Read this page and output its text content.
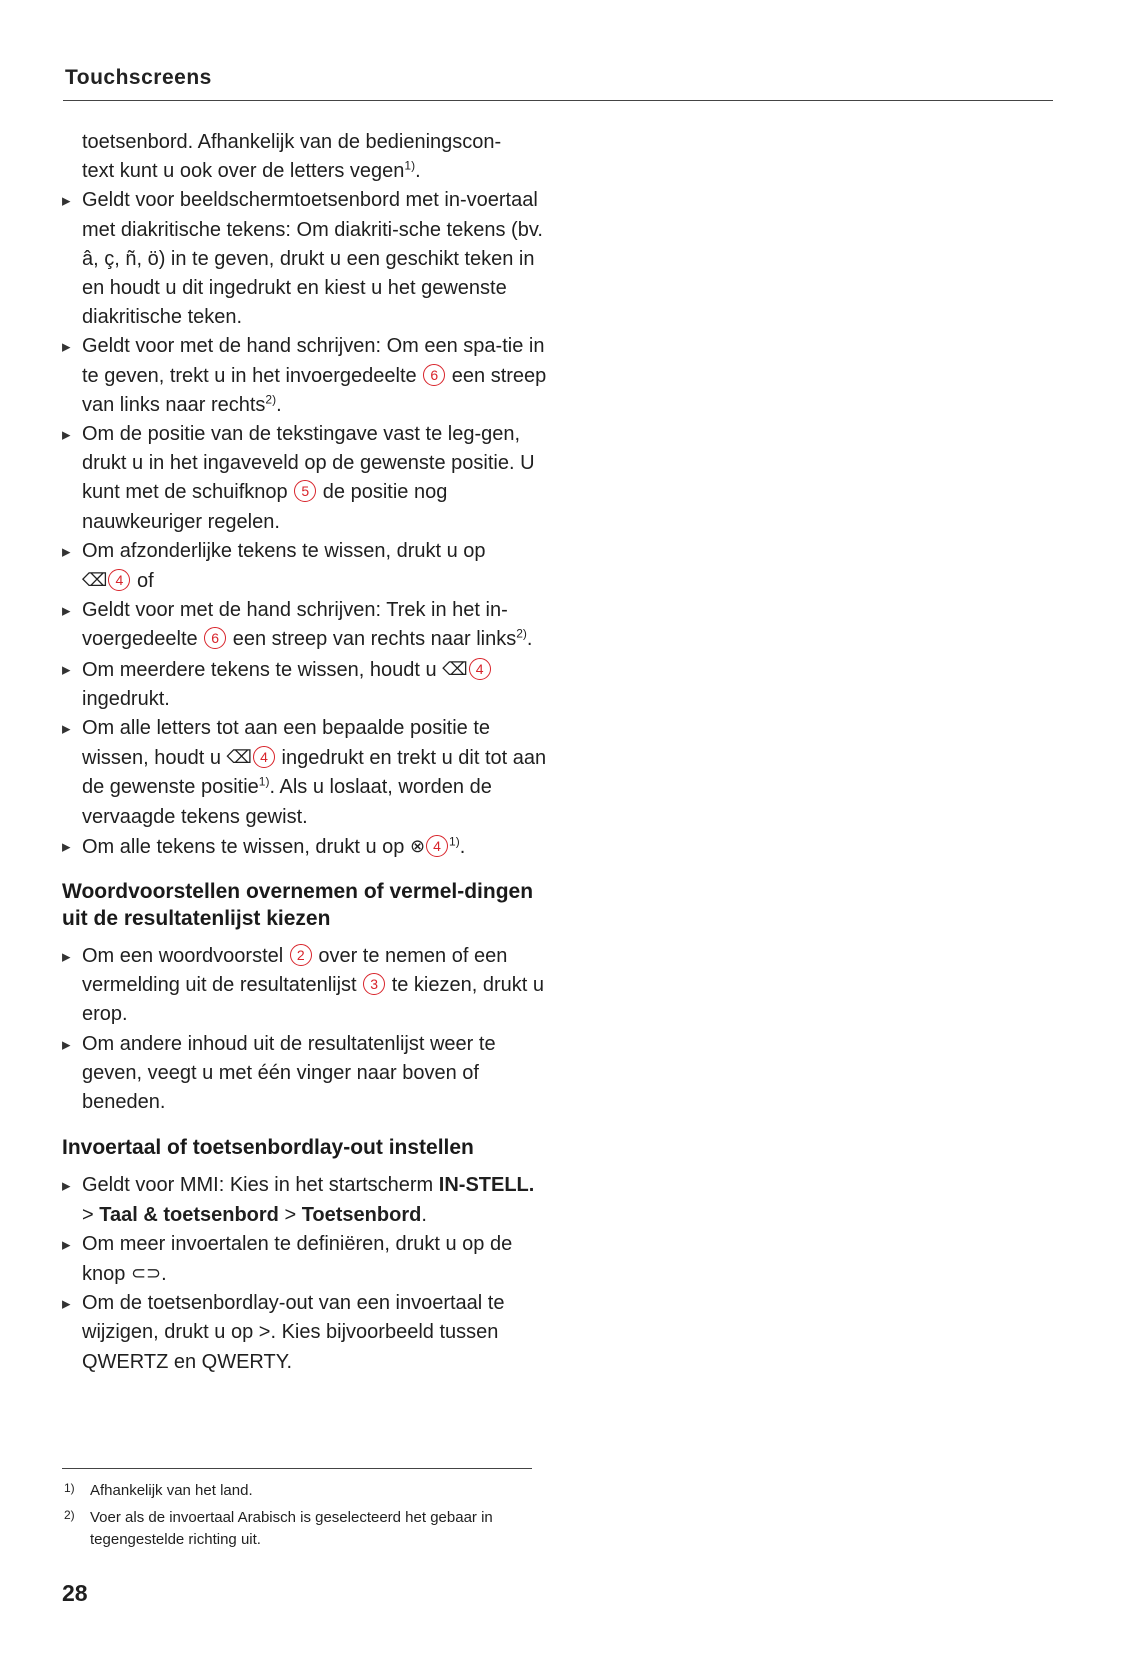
Touchscreens

toetsenbord. Afhankelijk van de bedieningscon-
text kunt u ook over de letters vegen$^{1)}$.

▸ Geldt voor beeldschermtoetsenbord met in-voertaal met diakritische tekens: Om diakriti-sche tekens (bv. â, ç, ñ, ö) in te geven, drukt u een geschikt teken in en houdt u dit ingedrukt en kiest u het gewenste diakritische teken.
▸ Geldt voor met de hand schrijven: Om een spa-tie in te geven, trekt u in het invoergedeelte 6 een streep van links naar rechts$^{2)}$.
▸ Om de positie van de tekstingave vast te leg-gen, drukt u in het ingaveveld op de gewenste positie. U kunt met de schuifknop 5 de positie nog nauwkeuriger regelen.
▸ Om afzonderlijke tekens te wissen, drukt u op
⌫ 4 of
▸ Geldt voor met de hand schrijven: Trek in het in-voergedeelte 6 een streep van rechts naar links$^{2)}$.
▸ Om meerdere tekens te wissen, houdt u ⌫ 4 ingedrukt.
▸ Om alle letters tot aan een bepaalde positie te wissen, houdt u ⌫ 4 ingedrukt en trekt u dit tot aan de gewenste positie$^{1)}$. Als u loslaat, worden de vervaagde tekens gewist.
▸ Om alle tekens te wissen, drukt u op ⊗ 4 $^{1)}$.
Woordvoorstellen overnemen of vermel-dingen uit de resultatenlijst kiezen
▸ Om een woordvoorstel 2 over te nemen of een vermelding uit de resultatenlijst 3 te kiezen, drukt u erop.
▸ Om andere inhoud uit de resultatenlijst weer te geven, veegt u met één vinger naar boven of beneden.
Invoertaal of toetsenbordlay-out instellen
▸ Geldt voor MMI: Kies in het startscherm IN-STELL. > Taal & toetsenbord > Toetsenbord.
▸ Om meer invoertalen te definiëren, drukt u op de knop ⊂⊃.
▸ Om de toetsenbordlay-out van een invoertaal te wijzigen, drukt u op >. Kies bijvoorbeeld tussen QWERTZ en QWERTY.
1) Afhankelijk van het land.
2) Voer als de invoertaal Arabisch is geselecteerd het gebaar in tegengestelde richting uit.
28
